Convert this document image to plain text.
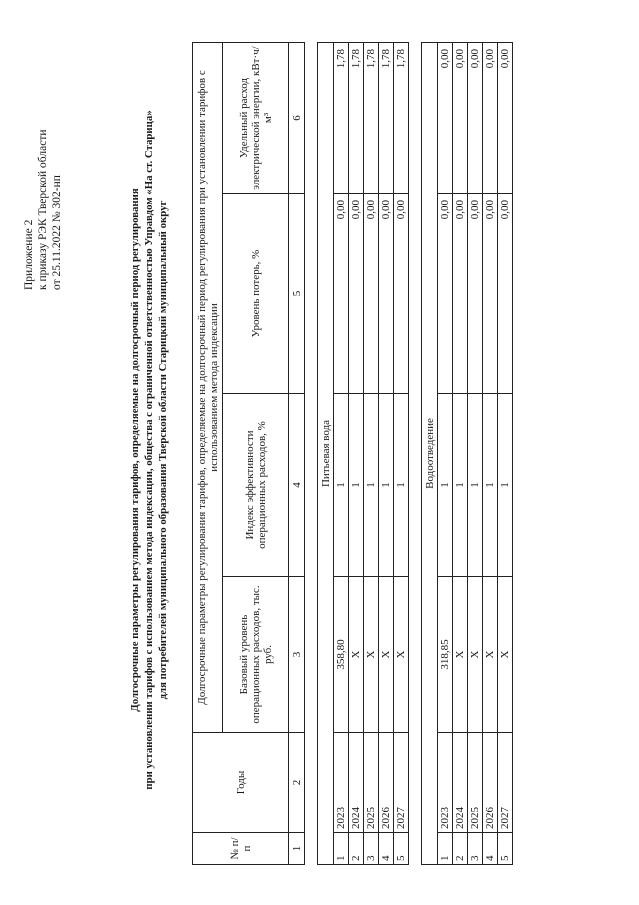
Приложение 2 к приказу РЭК Тверской области от 25.11.2022 № 302-нп	Долгосрочные параметры регулирования тарифов, определяемые на долгосрочный период регулирования при установлении тарифов с использованием метода индексации, общества с ограниченной ответственностью Управдом «На ст. Старица» для потребителей муниципального образования Тверской области Старицкий муниципальный округ
№ п/п	Годы	Долгосрочные параметры регулирования тарифов, определяемые на долгосрочный период регулирования при установлении тарифов с использованием метода индексации			
		Базовый уровень операционных расходов, тыс. руб.	Индекс эффективности операционных расходов, %	Уровень потерь, %	Удельный расход электрической энергии, кВт·ч/м³
1	2	3	4	5	6

Питьевая вода					
1	2023	358,80	1	0,00	1,78
2	2024	X	1	0,00	1,78
3	2025	X	1	0,00	1,78
4	2026	X	1	0,00	1,78
5	2027	X	1	0,00	1,78

Водоотведение					
1	2023	318,85	1	0,00	0,00
2	2024	X	1	0,00	0,00
3	2025	X	1	0,00	0,00
4	2026	X	1	0,00	0,00
5	2027	X	1	0,00	0,00
